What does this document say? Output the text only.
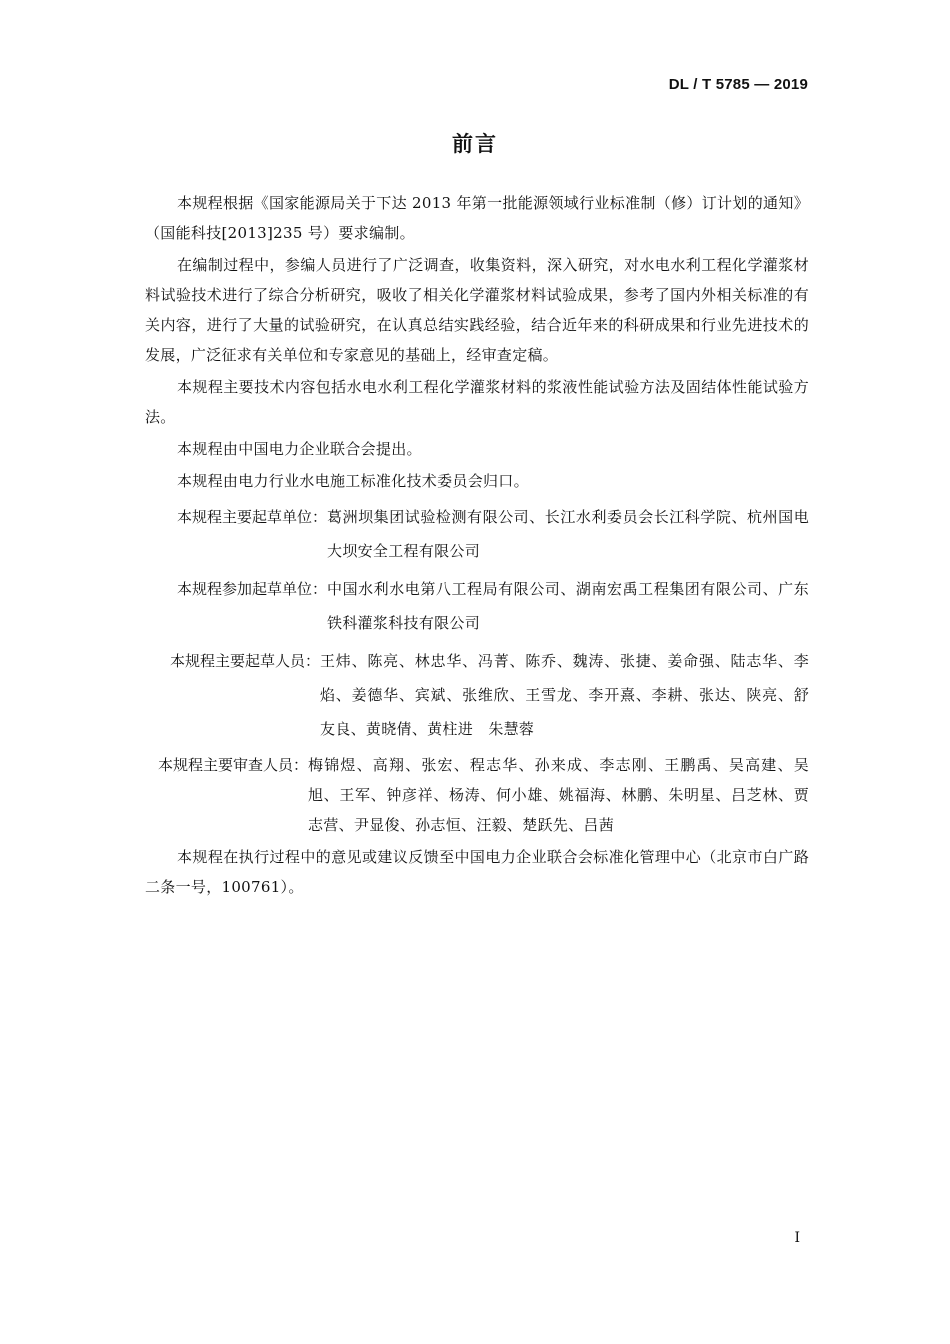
DL / T 5785 — 2019
前言

本规程根据《国家能源局关于下达 2013 年第一批能源领域行业标准制（修）订计划的通知》（国能科技[2013]235 号）要求编制。

在编制过程中，参编人员进行了广泛调查，收集资料，深入研究，对水电水利工程化学灌浆材料试验技术进行了综合分析研究，吸收了相关化学灌浆材料试验成果，参考了国内外相关标准的有关内容，进行了大量的试验研究，在认真总结实践经验，结合近年来的科研成果和行业先进技术的发展，广泛征求有关单位和专家意见的基础上，经审查定稿。

本规程主要技术内容包括水电水利工程化学灌浆材料的浆液性能试验方法及固结体性能试验方法。

本规程由中国电力企业联合会提出。

本规程由电力行业水电施工标准化技术委员会归口。

本规程主要起草单位： 葛洲坝集团试验检测有限公司、长江水利委员会长江科学院、杭州国电大坝安全工程有限公司
本规程参加起草单位： 中国水利水电第八工程局有限公司、湖南宏禹工程集团有限公司、广东铁科灌浆科技有限公司
本规程主要起草人员： 王炜、陈亮、林忠华、冯菁、陈乔、魏涛、张捷、姜命强、陆志华、李焰、姜德华、宾斌、张维欣、王雪龙、李开熹、李耕、张达、陕亮、舒友良、黄晓倩、黄柱进　朱慧蓉
本规程主要审查人员： 梅锦煜、高翔、张宏、程志华、孙来成、李志刚、王鹏禹、吴高建、吴旭、王军、钟彦祥、杨涛、何小雄、姚福海、林鹏、朱明星、吕芝林、贾志营、尹显俊、孙志恒、汪毅、楚跃先、吕茜

本规程在执行过程中的意见或建议反馈至中国电力企业联合会标准化管理中心（北京市白广路二条一号，100761）。

I
